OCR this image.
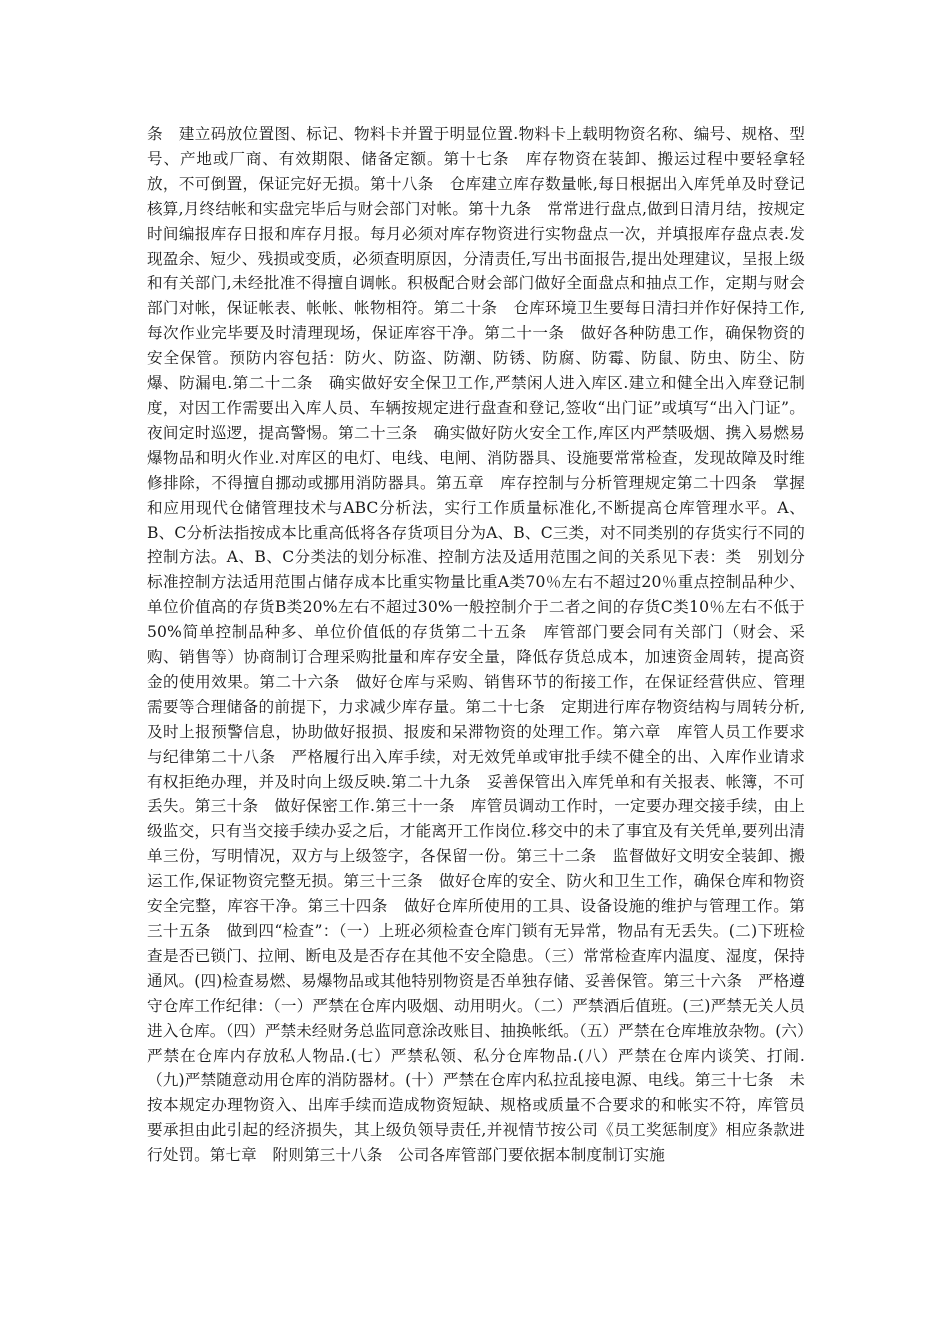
条　建立码放位置图、标记、物料卡并置于明显位置.物料卡上载明物资名称、编号、规格、型号、产地或厂商、有效期限、储备定额。第十七条　库存物资在装卸、搬运过程中要轻拿轻放，不可倒置，保证完好无损。第十八条　仓库建立库存数量帐,每日根据出入库凭单及时登记核算,月终结帐和实盘完毕后与财会部门对帐。第十九条　常常进行盘点,做到日清月结，按规定时间编报库存日报和库存月报。每月必须对库存物资进行实物盘点一次，并填报库存盘点表.发现盈余、短少、残损或变质，必须查明原因，分清责任,写出书面报告,提出处理建议，呈报上级和有关部门,未经批准不得擅自调帐。积极配合财会部门做好全面盘点和抽点工作，定期与财会部门对帐，保证帐表、帐帐、帐物相符。第二十条　仓库环境卫生要每日清扫并作好保持工作,每次作业完毕要及时清理现场，保证库容干净。第二十一条　做好各种防患工作，确保物资的安全保管。预防内容包括：防火、防盗、防潮、防锈、防腐、防霉、防鼠、防虫、防尘、防爆、防漏电.第二十二条　确实做好安全保卫工作,严禁闲人进入库区.建立和健全出入库登记制度，对因工作需要出入库人员、车辆按规定进行盘查和登记,签收“出门证”或填写“出入门证”。夜间定时巡逻，提高警惕。第二十三条　确实做好防火安全工作,库区内严禁吸烟、携入易燃易爆物品和明火作业.对库区的电灯、电线、电闸、消防器具、设施要常常检查，发现故障及时维修排除，不得擅自挪动或挪用消防器具。第五章　库存控制与分析管理规定第二十四条　掌握和应用现代仓储管理技术与ABC分析法，实行工作质量标准化,不断提高仓库管理水平。A、B、C分析法指按成本比重高低将各存货项目分为A、B、C三类，对不同类别的存货实行不同的控制方法。A、B、C分类法的划分标准、控制方法及适用范围之间的关系见下表：类　别划分标准控制方法适用范围占储存成本比重实物量比重A类70％左右不超过20％重点控制品种少、单位价值高的存货B类20%左右不超过30%一般控制介于二者之间的存货C类10％左右不低于50%简单控制品种多、单位价值低的存货第二十五条　库管部门要会同有关部门（财会、采购、销售等）协商制订合理采购批量和库存安全量，降低存货总成本，加速资金周转，提高资金的使用效果。第二十六条　做好仓库与采购、销售环节的衔接工作，在保证经营供应、管理需要等合理储备的前提下，力求减少库存量。第二十七条　定期进行库存物资结构与周转分析,及时上报预警信息，协助做好报损、报废和呆滞物资的处理工作。第六章　库管人员工作要求与纪律第二十八条　严格履行出入库手续，对无效凭单或审批手续不健全的出、入库作业请求有权拒绝办理，并及时向上级反映.第二十九条　妥善保管出入库凭单和有关报表、帐簿，不可丢失。第三十条　做好保密工作.第三十一条　库管员调动工作时，一定要办理交接手续，由上级监交，只有当交接手续办妥之后，才能离开工作岗位.移交中的未了事宜及有关凭单,要列出清单三份，写明情况，双方与上级签字，各保留一份。第三十二条　监督做好文明安全装卸、搬运工作,保证物资完整无损。第三十三条　做好仓库的安全、防火和卫生工作，确保仓库和物资安全完整，库容干净。第三十四条　做好仓库所使用的工具、设备设施的维护与管理工作。第三十五条　做到四“检查”：（一）上班必须检查仓库门锁有无异常，物品有无丢失。(二)下班检查是否已锁门、拉闸、断电及是否存在其他不安全隐患。（三）常常检查库内温度、湿度，保持通风。(四)检查易燃、易爆物品或其他特别物资是否单独存储、妥善保管。第三十六条　严格遵守仓库工作纪律：（一）严禁在仓库内吸烟、动用明火。（二）严禁酒后值班。(三)严禁无关人员进入仓库。（四）严禁未经财务总监同意涂改账目、抽换帐纸。（五）严禁在仓库堆放杂物。(六）严禁在仓库内存放私人物品.(七）严禁私领、私分仓库物品.(八）严禁在仓库内谈笑、打闹.（九)严禁随意动用仓库的消防器材。(十）严禁在仓库内私拉乱接电源、电线。第三十七条　未按本规定办理物资入、出库手续而造成物资短缺、规格或质量不合要求的和帐实不符，库管员要承担由此引起的经济损失，其上级负领导责任,并视情节按公司《员工奖惩制度》相应条款进行处罚。第七章　附则第三十八条　公司各库管部门要依据本制度制订实施
